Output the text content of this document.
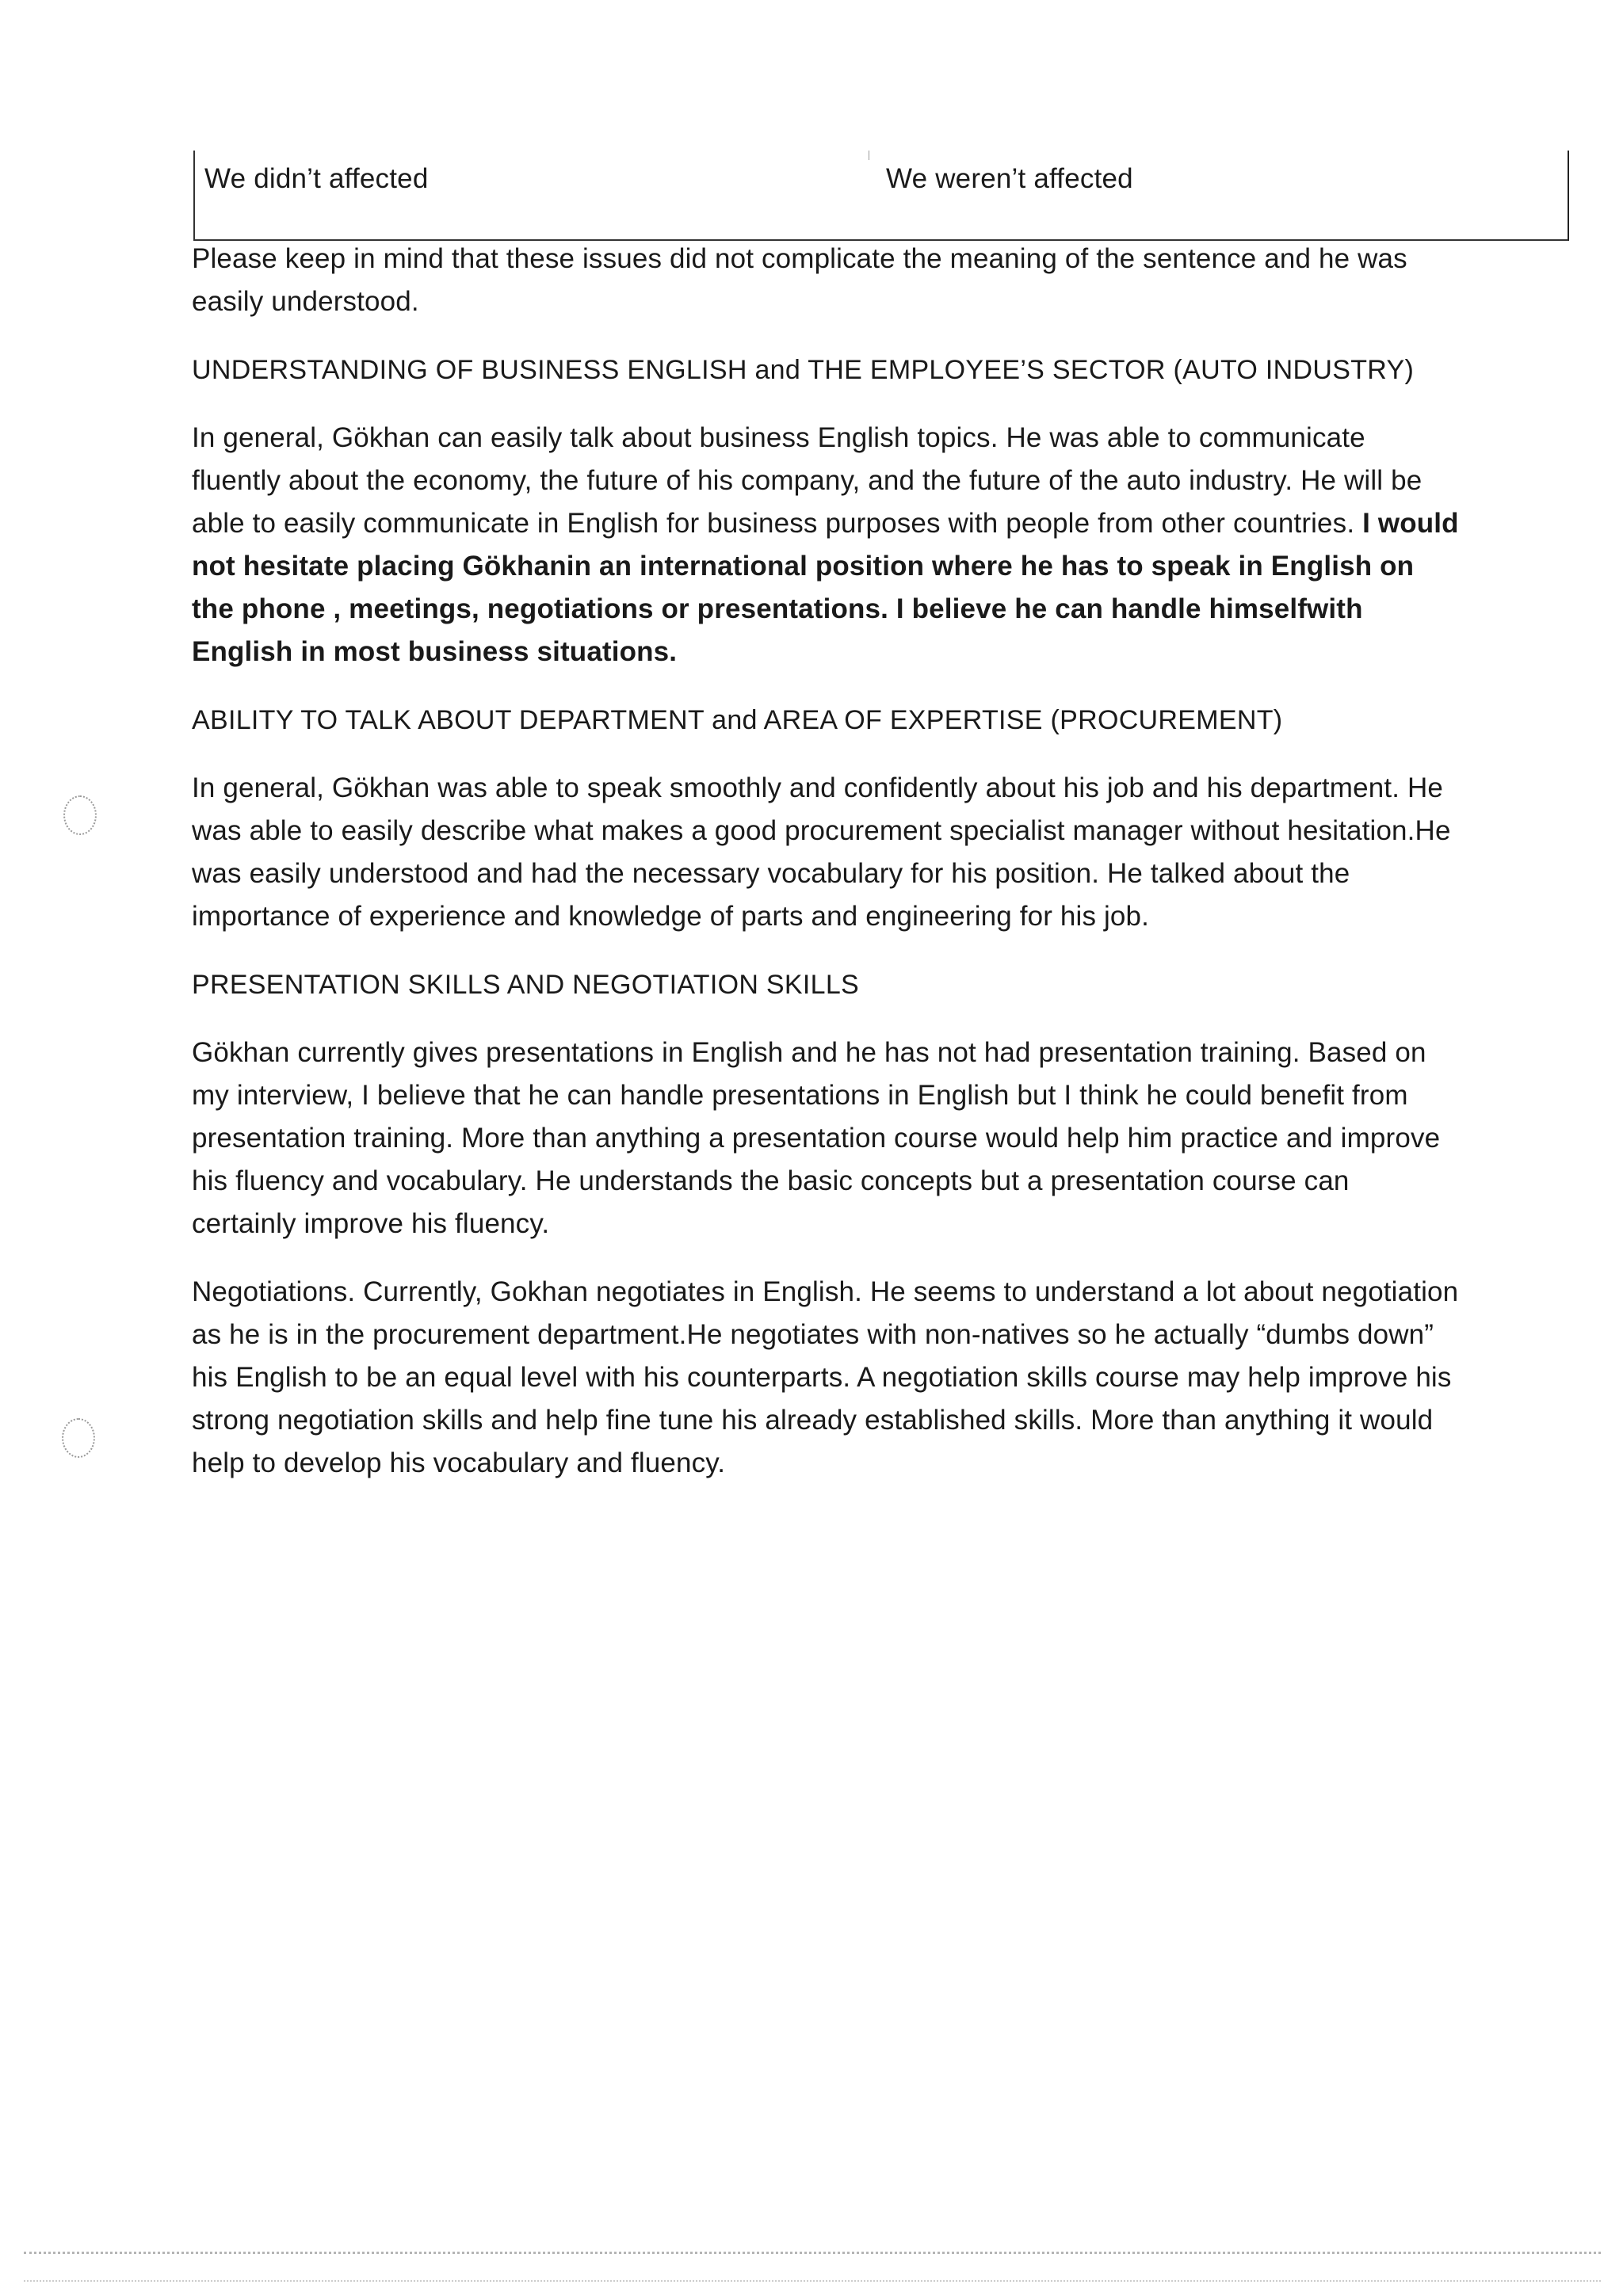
We didn’t affected	We weren’t affected

Please keep in mind that these issues did not complicate the meaning of the sentence and he was easily understood.

UNDERSTANDING OF BUSINESS ENGLISH and THE EMPLOYEE’S SECTOR (AUTO INDUSTRY)

In general, Gökhan can easily talk about business English topics. He was able to communicate fluently about the economy, the future of his company, and the future of the auto industry. He will be able to easily communicate in English for business purposes with people from other countries. I would not hesitate placing Gökhanin an international position where he has to speak in English on the phone , meetings, negotiations or presentations. I believe he can handle himselfwith English in most business situations.

ABILITY TO TALK ABOUT DEPARTMENT and AREA OF EXPERTISE (PROCUREMENT)

In general, Gökhan was able to speak smoothly and confidently about his job and his department. He was able to easily describe what makes a good procurement specialist manager without hesitation.He was easily understood and had the necessary vocabulary for his position. He talked about the importance of experience and knowledge of parts and engineering for his job.

PRESENTATION SKILLS AND NEGOTIATION SKILLS

Gökhan currently gives presentations in English and he has not had presentation training. Based on my interview, I believe that he can handle presentations in English but I think he could benefit from presentation training. More than anything a presentation course would help him practice and improve his fluency and vocabulary. He understands the basic concepts but a presentation course can certainly improve his fluency.

Negotiations. Currently, Gokhan negotiates in English. He seems to understand a lot about negotiation as he is in the procurement department.He negotiates with non-natives so he actually “dumbs down” his English to be an equal level with his counterparts. A negotiation skills course may help improve his strong negotiation skills and help fine tune his already established skills. More than anything it would help to develop his vocabulary and fluency.
